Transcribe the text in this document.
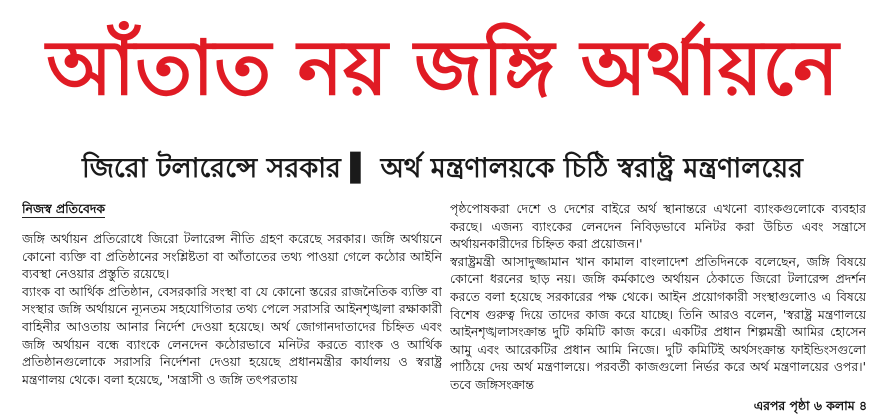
আঁতাত নয় জঙ্গি অর্থায়নে
জিরো টলারেন্সে সরকার ▌ অর্থ মন্ত্রণালয়কে চিঠি স্বরাষ্ট্র মন্ত্রণালয়ের
নিজস্ব প্রতিবেদক

জঙ্গি অর্থায়ন প্রতিরোধে জিরো টলারেন্স নীতি গ্রহণ করেছে সরকার। জঙ্গি অর্থায়নে কোনো ব্যক্তি বা প্রতিষ্ঠানের সংশ্লিষ্টতা বা আঁতাতের তথ্য পাওয়া গেলে কঠোর আইনি ব্যবস্থা নেওয়ার প্রস্তুতি রয়েছে।

ব্যাংক বা আর্থিক প্রতিষ্ঠান, বেসরকারি সংস্থা বা যে কোনো স্তরের রাজনৈতিক ব্যক্তি বা সংস্থার জঙ্গি অর্থায়নে ন্যূনতম সহযোগিতার তথ্য পেলে সরাসরি আইনশৃঙ্খলা রক্ষাকারী বাহিনীর আওতায় আনার নির্দেশ দেওয়া হয়েছে। অর্থ জোগানদাতাদের চিহ্নিত এবং জঙ্গি অর্থায়ন বন্ধে ব্যাংকে লেনদেন কঠোরভাবে মনিটর করতে ব্যাংক ও আর্থিক প্রতিষ্ঠানগুলোকে সরাসরি নির্দেশনা দেওয়া হয়েছে প্রধানমন্ত্রীর কার্যালয় ও স্বরাষ্ট্র মন্ত্রণালয় থেকে। বলা হয়েছে, 'সন্ত্রাসী ও জঙ্গি তৎপরতায়

পৃষ্ঠপোষকরা দেশে ও দেশের বাইরে অর্থ স্থানান্তরে এখনো ব্যাংকগুলোকে ব্যবহার করছে। এজন্য ব্যাংকের লেনদেন নিবিড়ভাবে মনিটর করা উচিত এবং সন্ত্রাসে অর্থায়নকারীদের চিহ্নিত করা প্রয়োজন।'

স্বরাষ্ট্রমন্ত্রী আসাদুজ্জামান খান কামাল বাংলাদেশ প্রতিদিনকে বলেছেন, জঙ্গি বিষয়ে কোনো ধরনের ছাড় নয়। জঙ্গি কর্মকাণ্ডে অর্থায়ন ঠেকাতে জিরো টলারেন্স প্রদর্শন করতে বলা হয়েছে সরকারের পক্ষ থেকে। আইন প্রয়োগকারী সংস্থাগুলোও এ বিষয়ে বিশেষ গুরুত্ব দিয়ে তাদের কাজ করে যাচ্ছে। তিনি আরও বলেন, 'স্বরাষ্ট্র মন্ত্রণালয়ে আইনশৃঙ্খলাসংক্রান্ত দুটি কমিটি কাজ করে। একটির প্রধান শিল্পমন্ত্রী আমির হোসেন আমু এবং আরেকটির প্রধান আমি নিজে। দুটি কমিটিই অর্থসংক্রান্ত ফাইন্ডিংসগুলো পাঠিয়ে দেয় অর্থ মন্ত্রণালয়ে। পরবর্তী কাজগুলো নির্ভর করে অর্থ মন্ত্রণালয়ের ওপর।' তবে জঙ্গিসংক্রান্ত

এরপর পৃষ্ঠা ৬ কলাম ৪
